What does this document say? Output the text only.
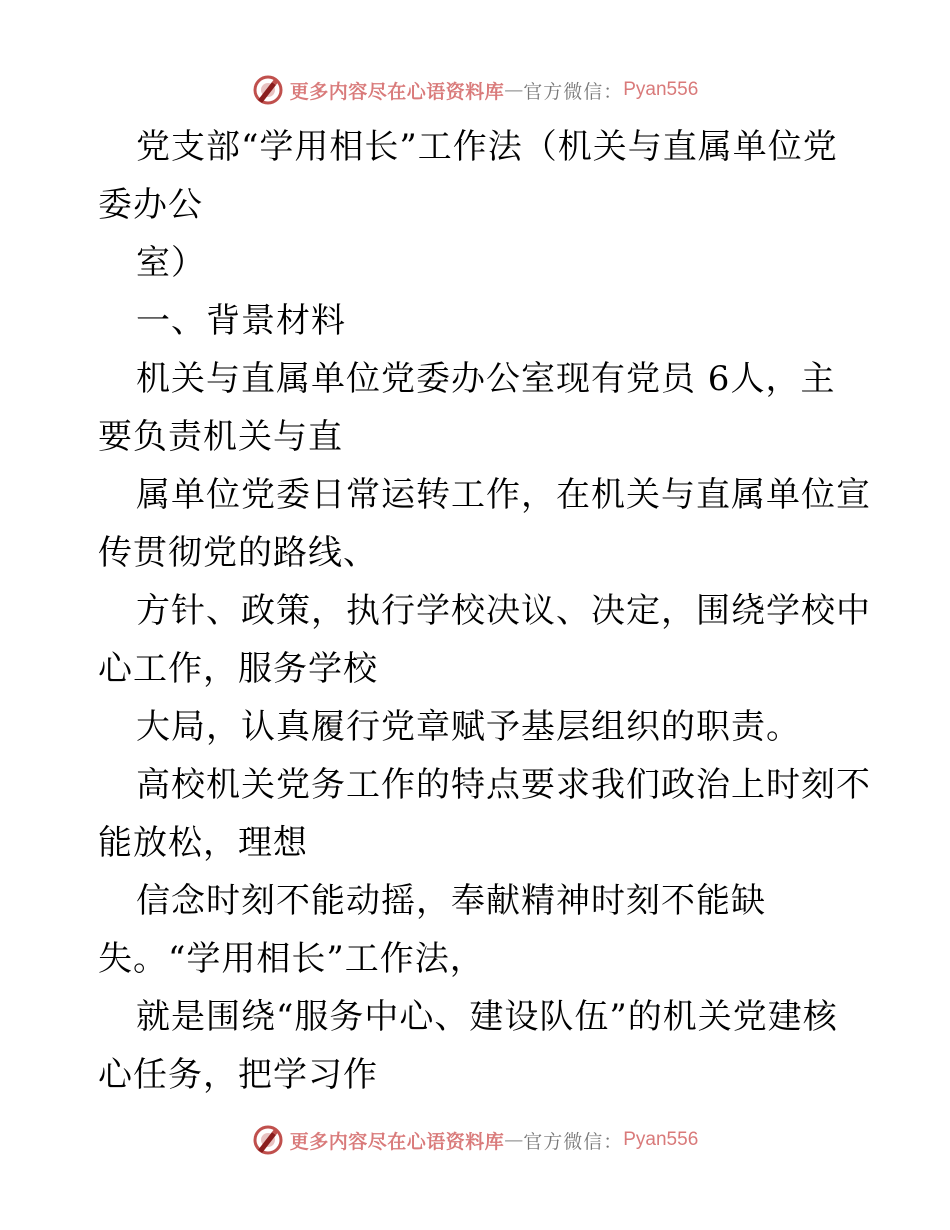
更多内容尽在心语资料库 — 官方微信： Pyan556
党支部“学用相长”工作法（机关与直属单位党
委办公
室）
一、背景材料
机关与直属单位党委办公室现有党员 6人，主
要负责机关与直
属单位党委日常运转工作，在机关与直属单位宣
传贯彻党的路线、
方针、政策，执行学校决议、决定，围绕学校中
心工作，服务学校
大局，认真履行党章赋予基层组织的职责。
高校机关党务工作的特点要求我们政治上时刻不
能放松，理想
信念时刻不能动摇，奉献精神时刻不能缺
失。“学用相长”工作法，
就是围绕“服务中心、建设队伍”的机关党建核
心任务，把学习作
更多内容尽在心语资料库 — 官方微信： Pyan556
